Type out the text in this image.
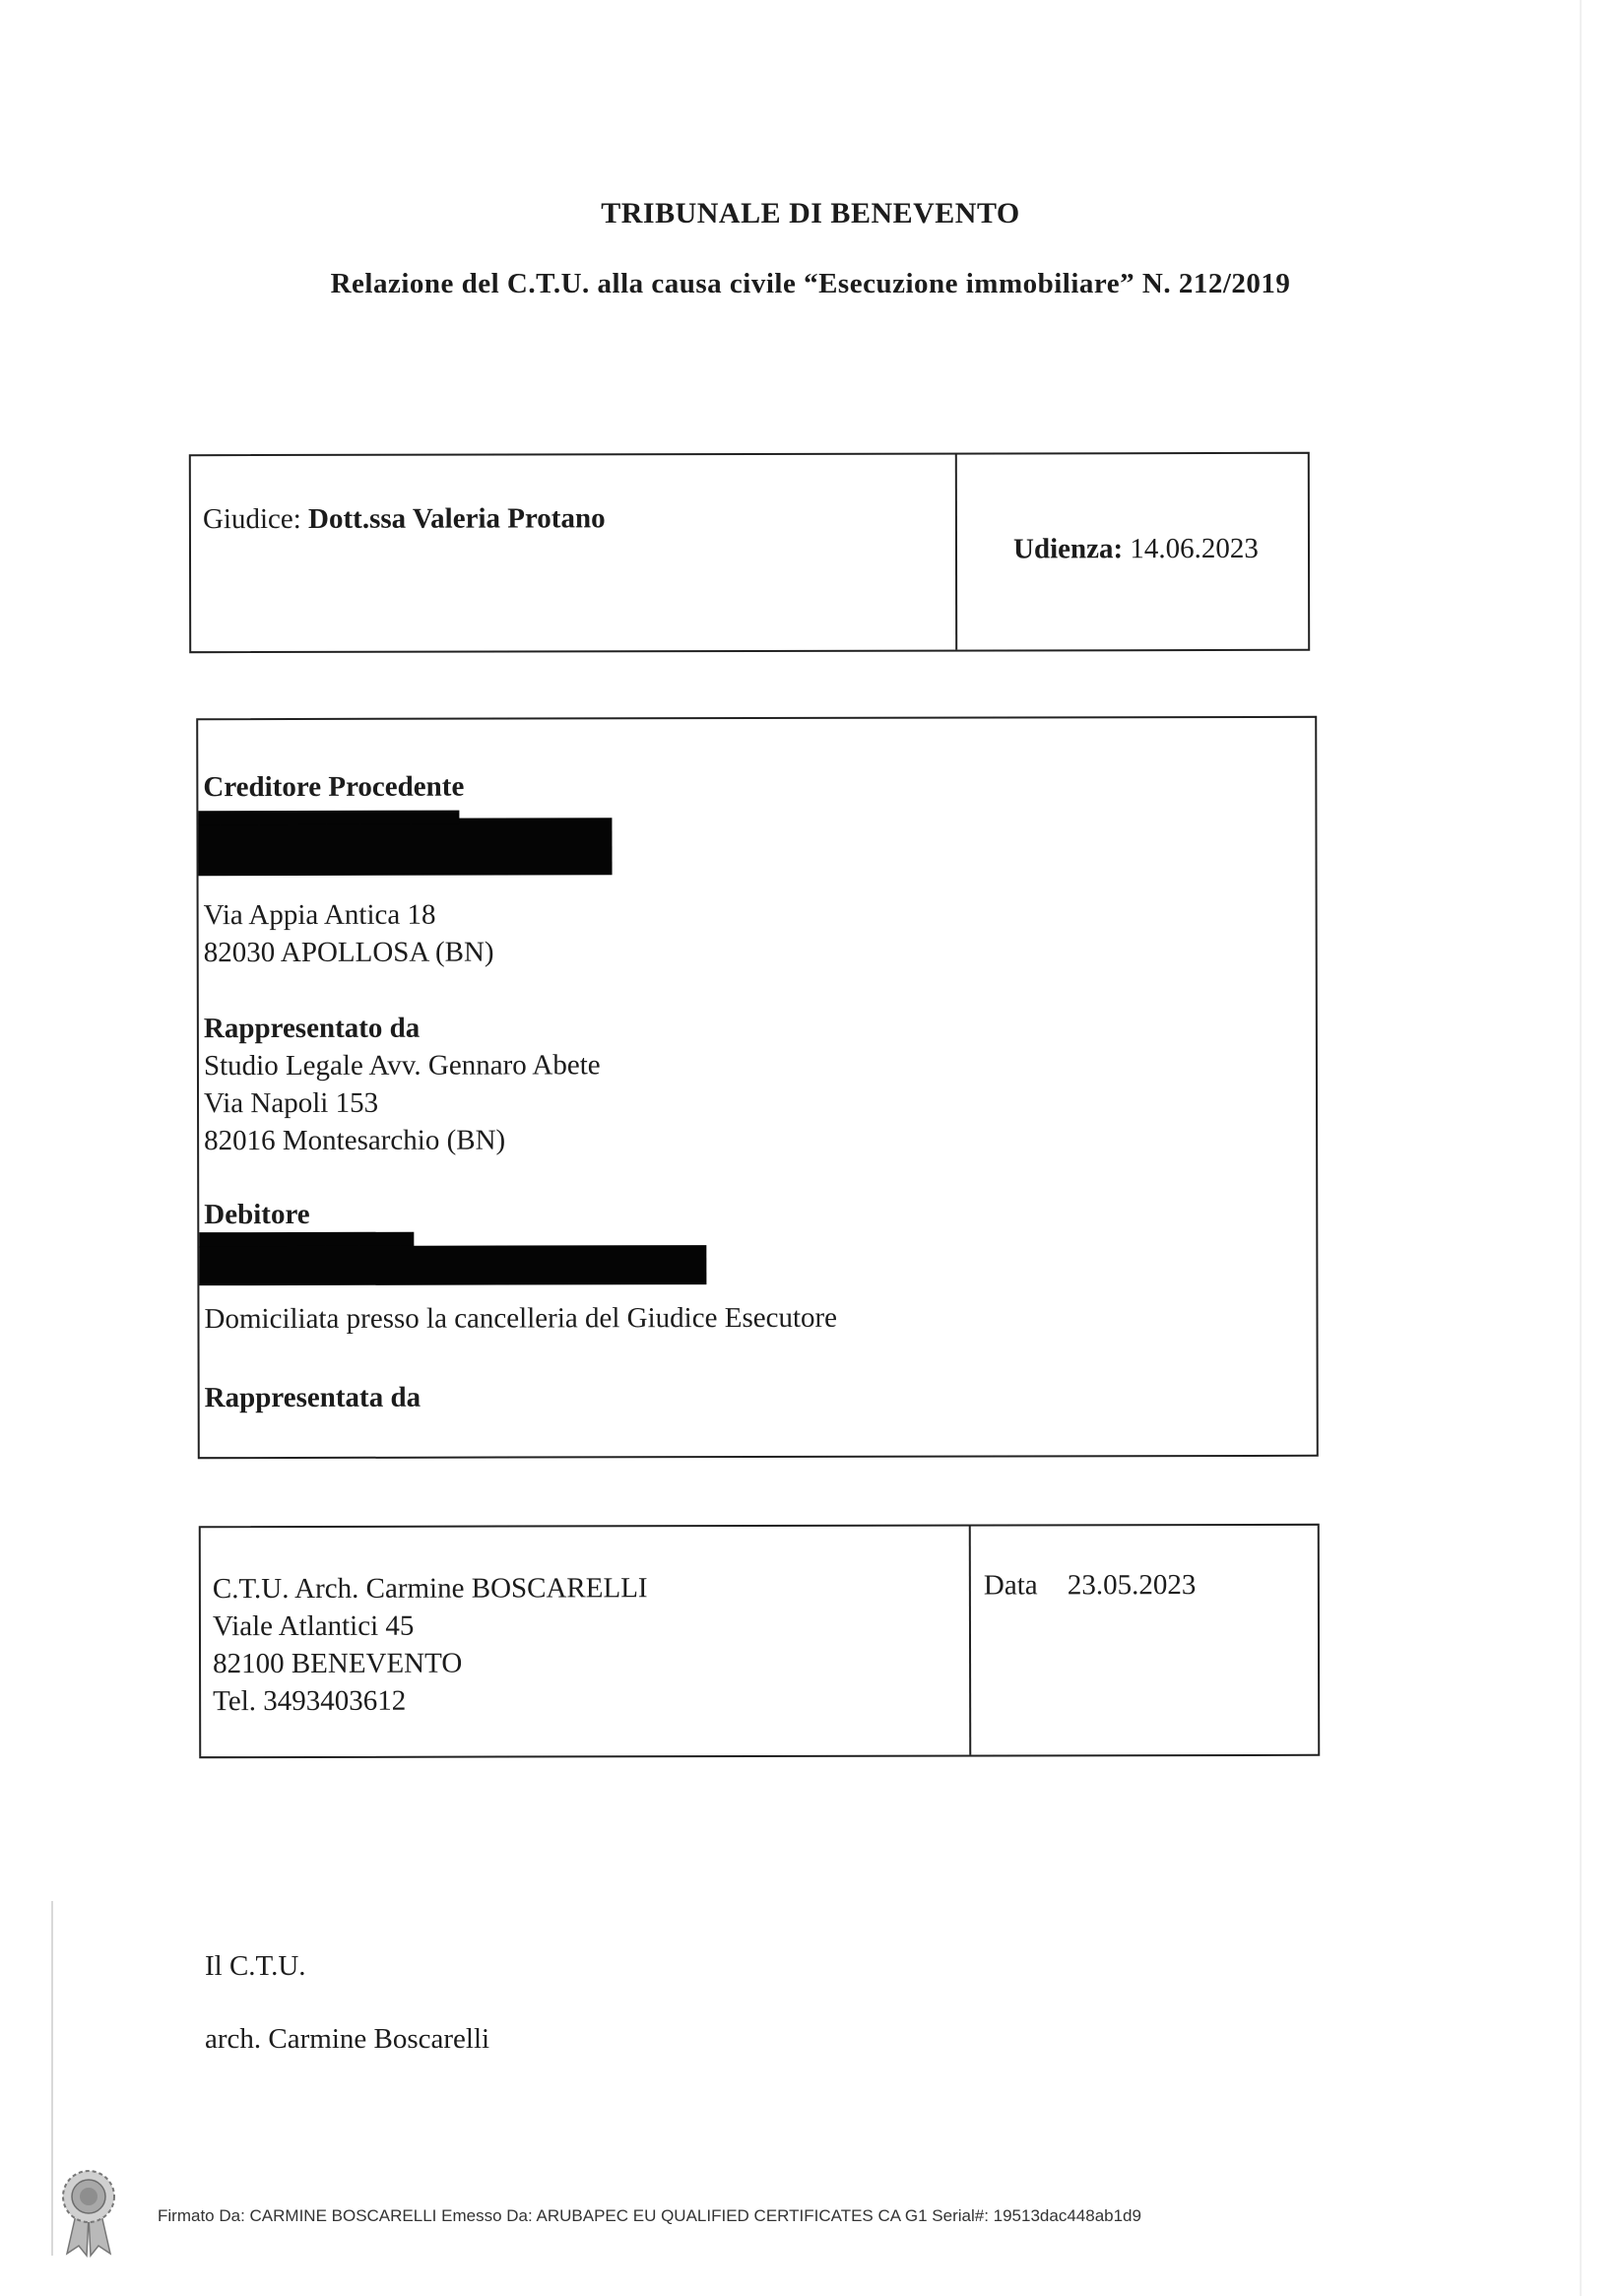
TRIBUNALE DI BENEVENTO
Relazione del C.T.U. alla causa civile “Esecuzione immobiliare” N. 212/2019
Giudice: Dott.ssa Valeria Protano
Udienza: 14.06.2023
Creditore Procedente
Via Appia Antica 18
82030 APOLLOSA (BN)
Rappresentato da
Studio Legale Avv. Gennaro Abete
Via Napoli 153
82016 Montesarchio (BN)
Debitore
Domiciliata presso la cancelleria del Giudice Esecutore
Rappresentata da
C.T.U. Arch. Carmine BOSCARELLI
Viale Atlantici 45
82100 BENEVENTO
Tel. 3493403612
Data 23.05.2023
Il C.T.U.
arch. Carmine Boscarelli
Firmato Da: CARMINE BOSCARELLI Emesso Da: ARUBAPEC EU QUALIFIED CERTIFICATES CA G1 Serial#: 19513dac448ab1d9
